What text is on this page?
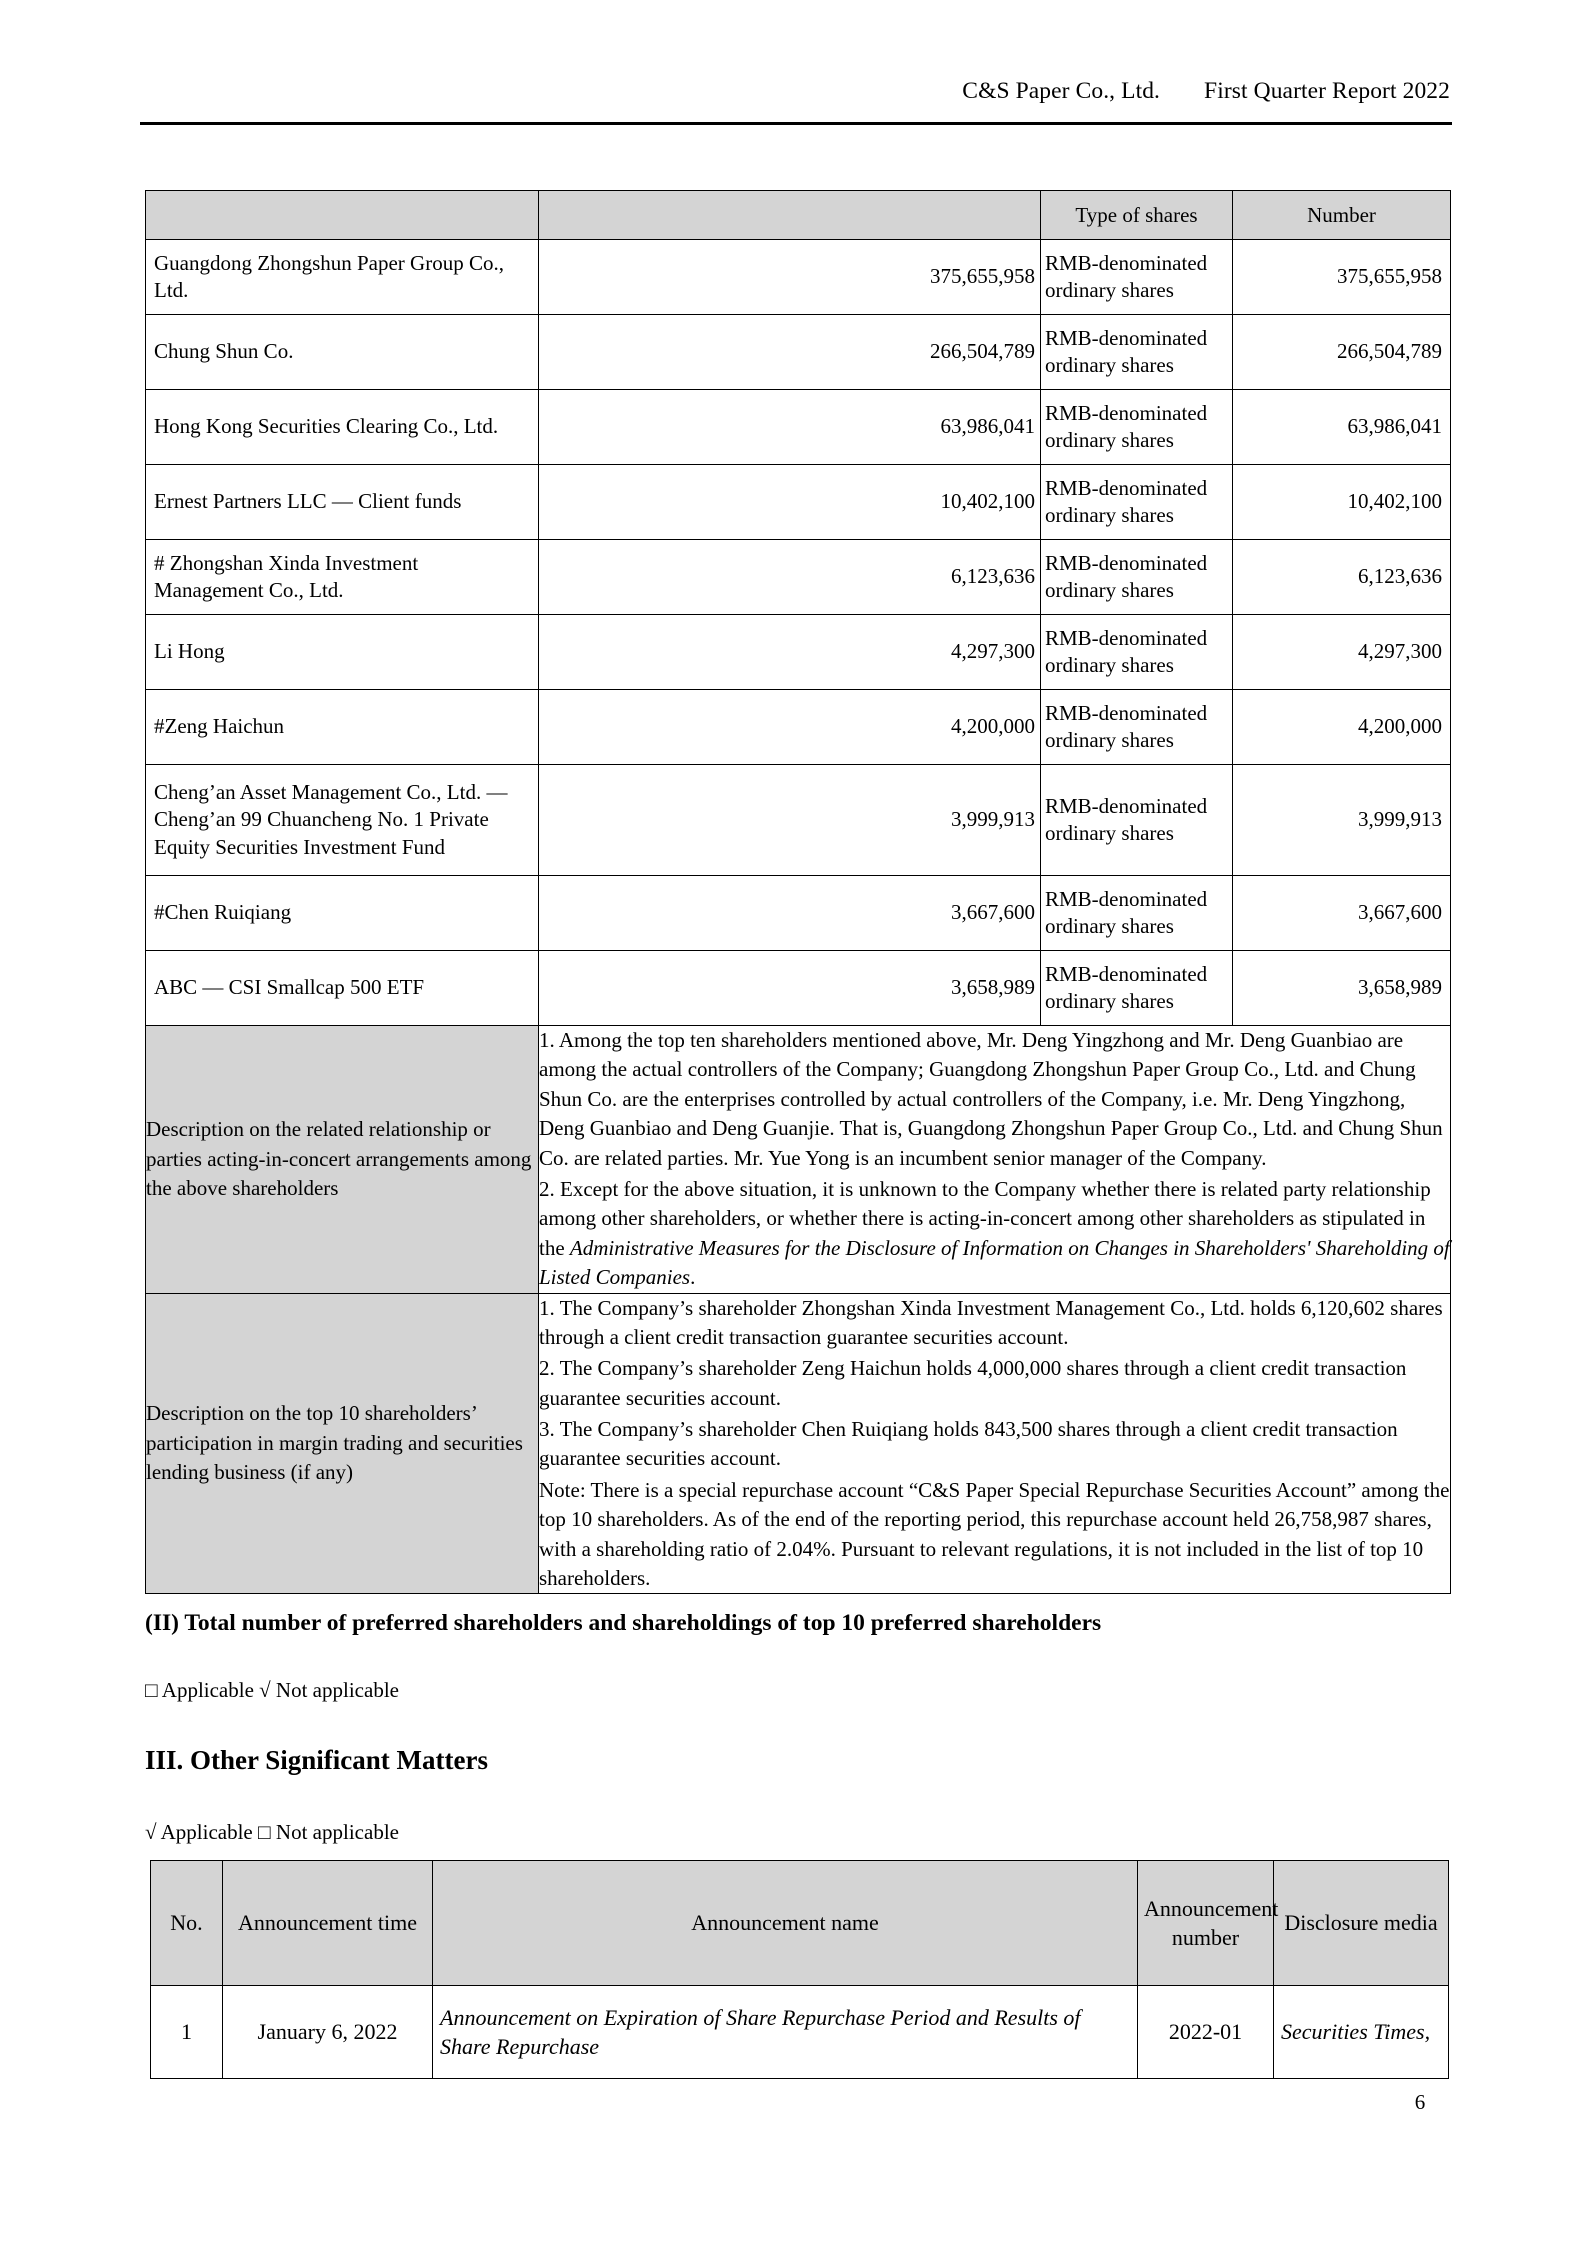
C&S Paper Co., Ltd. First Quarter Report 2022
		Type of shares	Number
Guangdong Zhongshun Paper Group Co., Ltd.	375,655,958	RMB-denominated ordinary shares	375,655,958
Chung Shun Co.	266,504,789	RMB-denominated ordinary shares	266,504,789
Hong Kong Securities Clearing Co., Ltd.	63,986,041	RMB-denominated ordinary shares	63,986,041
Ernest Partners LLC — Client funds	10,402,100	RMB-denominated ordinary shares	10,402,100
# Zhongshan Xinda Investment Management Co., Ltd.	6,123,636	RMB-denominated ordinary shares	6,123,636
Li Hong	4,297,300	RMB-denominated ordinary shares	4,297,300
#Zeng Haichun	4,200,000	RMB-denominated ordinary shares	4,200,000
Cheng’an Asset Management Co., Ltd. — Cheng’an 99 Chuancheng No. 1 Private Equity Securities Investment Fund	3,999,913	RMB-denominated ordinary shares	3,999,913
#Chen Ruiqiang	3,667,600	RMB-denominated ordinary shares	3,667,600
ABC — CSI Smallcap 500 ETF	3,658,989	RMB-denominated ordinary shares	3,658,989
Description on the related relationship or parties acting-in-concert arrangements among the above shareholders	1. Among the top ten shareholders mentioned above, Mr. Deng Yingzhong and Mr. Deng Guanbiao are among the actual controllers of the Company; Guangdong Zhongshun Paper Group Co., Ltd. and Chung Shun Co. are the enterprises controlled by actual controllers of the Company, i.e. Mr. Deng Yingzhong, Deng Guanbiao and Deng Guanjie. That is, Guangdong Zhongshun Paper Group Co., Ltd. and Chung Shun Co. are related parties. Mr. Yue Yong is an incumbent senior manager of the Company.

2. Except for the above situation, it is unknown to the Company whether there is related party relationship among other shareholders, or whether there is acting-in-concert among other shareholders as stipulated in the Administrative Measures for the Disclosure of Information on Changes in Shareholders' Shareholding of Listed Companies.		

Description on the top 10 shareholders’ participation in margin trading and securities lending business (if any)	1. The Company’s shareholder Zhongshan Xinda Investment Management Co., Ltd. holds 6,120,602 shares through a client credit transaction guarantee securities account.

2. The Company’s shareholder Zeng Haichun holds 4,000,000 shares through a client credit transaction guarantee securities account.

3. The Company’s shareholder Chen Ruiqiang holds 843,500 shares through a client credit transaction guarantee securities account.

Note: There is a special repurchase account “C&S Paper Special Repurchase Securities Account” among the top 10 shareholders. As of the end of the reporting period, this repurchase account held 26,758,987 shares, with a shareholding ratio of 2.04%. Pursuant to relevant regulations, it is not included in the list of top 10 shareholders.		

(II) Total number of preferred shareholders and shareholdings of top 10 preferred shareholders
□ Applicable √ Not applicable
III. Other Significant Matters
√ Applicable □ Not applicable
No.	Announcement time	Announcement name	Announcement number	Disclosure media
1	January 6, 2022	Announcement on Expiration of Share Repurchase Period and Results of Share Repurchase	2022-01	Securities Times,
6
